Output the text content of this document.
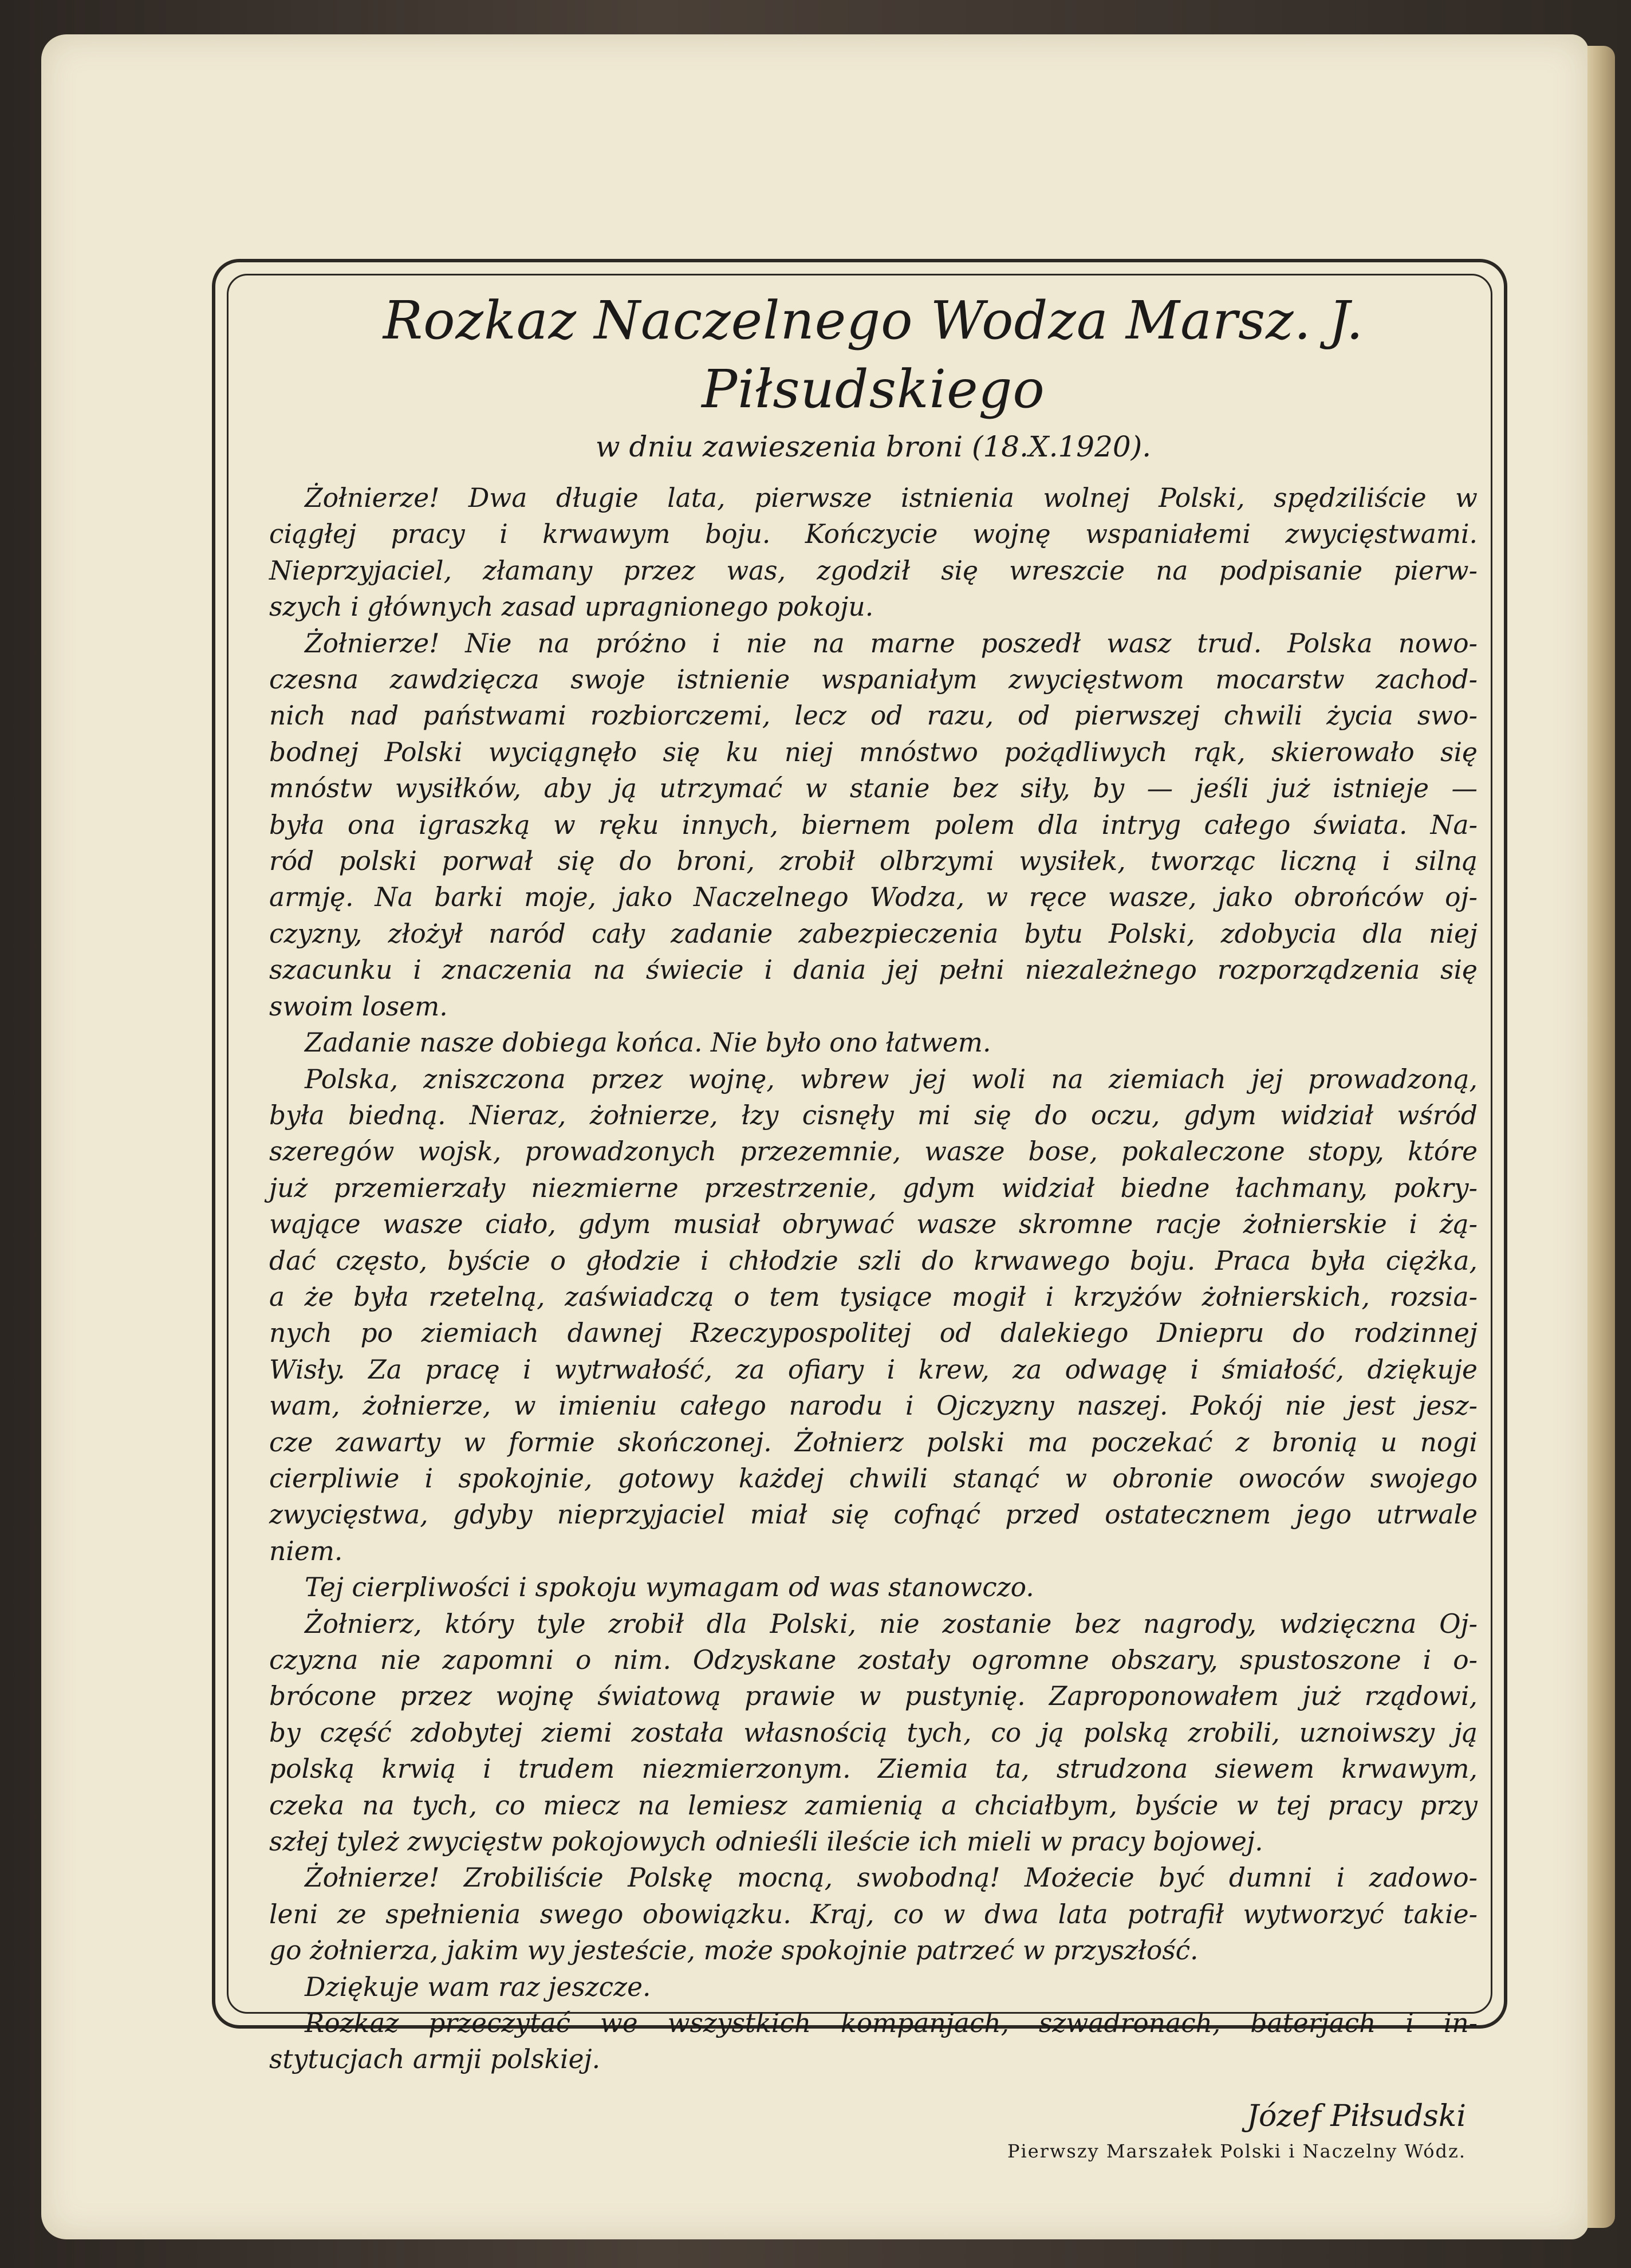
Rozkaz Naczelnego Wodza Marsz. J. Piłsudskiego

w dniu zawieszenia broni (18.X.1920).

Żołnierze! Dwa długie lata, pierwsze istnienia wolnej Polski, spędziliście w

ciągłej pracy i krwawym boju. Kończycie wojnę wspaniałemi zwycięstwami.

Nieprzyjaciel, złamany przez was, zgodził się wreszcie na podpisanie pierw-

szych i głównych zasad upragnionego pokoju.

Żołnierze! Nie na próżno i nie na marne poszedł wasz trud. Polska nowo-

czesna zawdzięcza swoje istnienie wspaniałym zwycięstwom mocarstw zachod-

nich nad państwami rozbiorczemi, lecz od razu, od pierwszej chwili życia swo-

bodnej Polski wyciągnęło się ku niej mnóstwo pożądliwych rąk, skierowało się

mnóstw wysiłków, aby ją utrzymać w stanie bez siły, by — jeśli już istnieje —

była ona igraszką w ręku innych, biernem polem dla intryg całego świata. Na-

ród polski porwał się do broni, zrobił olbrzymi wysiłek, tworząc liczną i silną

armję. Na barki moje, jako Naczelnego Wodza, w ręce wasze, jako obrońców oj-

czyzny, złożył naród cały zadanie zabezpieczenia bytu Polski, zdobycia dla niej

szacunku i znaczenia na świecie i dania jej pełni niezależnego rozporządzenia się

swoim losem.

Zadanie nasze dobiega końca. Nie było ono łatwem.

Polska, zniszczona przez wojnę, wbrew jej woli na ziemiach jej prowadzoną,

była biedną. Nieraz, żołnierze, łzy cisnęły mi się do oczu, gdym widział wśród

szeregów wojsk, prowadzonych przezemnie, wasze bose, pokaleczone stopy, które

już przemierzały niezmierne przestrzenie, gdym widział biedne łachmany, pokry-

wające wasze ciało, gdym musiał obrywać wasze skromne racje żołnierskie i żą-

dać często, byście o głodzie i chłodzie szli do krwawego boju. Praca była ciężka,

a że była rzetelną, zaświadczą o tem tysiące mogił i krzyżów żołnierskich, rozsia-

nych po ziemiach dawnej Rzeczypospolitej od dalekiego Dniepru do rodzinnej

Wisły. Za pracę i wytrwałość, za ofiary i krew, za odwagę i śmiałość, dziękuje

wam, żołnierze, w imieniu całego narodu i Ojczyzny naszej. Pokój nie jest jesz-

cze zawarty w formie skończonej. Żołnierz polski ma poczekać z bronią u nogi

cierpliwie i spokojnie, gotowy każdej chwili stanąć w obronie owoców swojego

zwycięstwa, gdyby nieprzyjaciel miał się cofnąć przed ostatecznem jego utrwale

niem.

Tej cierpliwości i spokoju wymagam od was stanowczo.

Żołnierz, który tyle zrobił dla Polski, nie zostanie bez nagrody, wdzięczna Oj-

czyzna nie zapomni o nim. Odzyskane zostały ogromne obszary, spustoszone i o-

brócone przez wojnę światową prawie w pustynię. Zaproponowałem już rządowi,

by część zdobytej ziemi została własnością tych, co ją polską zrobili, uznoiwszy ją

polską krwią i trudem niezmierzonym. Ziemia ta, strudzona siewem krwawym,

czeka na tych, co miecz na lemiesz zamienią a chciałbym, byście w tej pracy przy

szłej tyleż zwycięstw pokojowych odnieśli ileście ich mieli w pracy bojowej.

Żołnierze! Zrobiliście Polskę mocną, swobodną! Możecie być dumni i zadowo-

leni ze spełnienia swego obowiązku. Kraj, co w dwa lata potrafił wytworzyć takie-

go żołnierza, jakim wy jesteście, może spokojnie patrzeć w przyszłość.

Dziękuje wam raz jeszcze.

Rozkaz przeczytać we wszystkich kompanjach, szwadronach, baterjach i in-

stytucjach armji polskiej.

Józef Piłsudski

Pierwszy Marszałek Polski i Naczelny Wódz.
